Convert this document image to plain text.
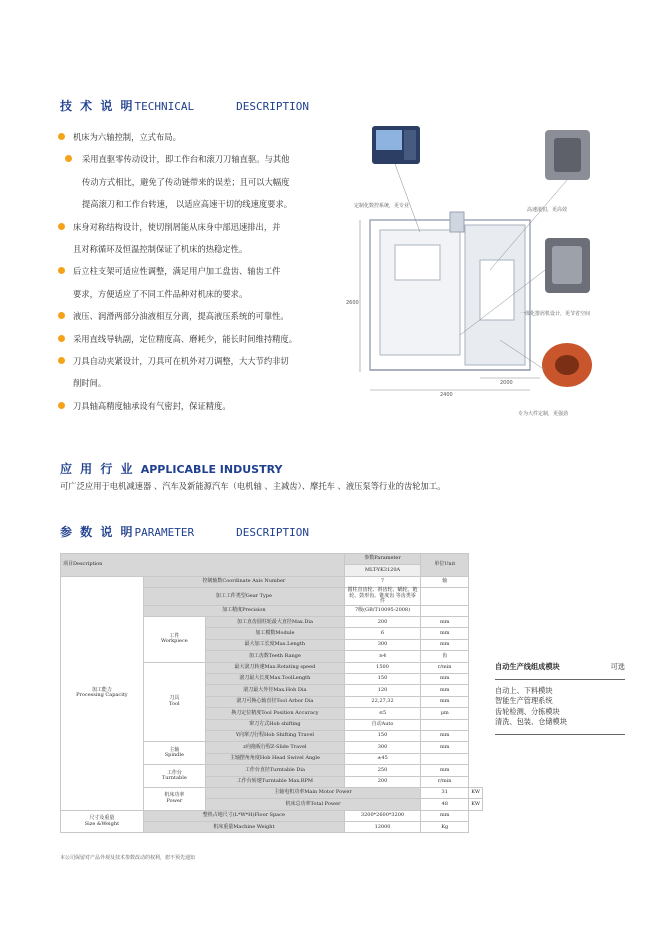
技 术 说 明TECHNICAL	DESCRIPTION
机床为六轴控制，立式布局。
采用直驱零传动设计，即工作台和滚刀刀轴直驱。与其他
传动方式相比，避免了传动链带来的误差；且可以大幅度
提高滚刀和工作台转速， 以适应高速干切的线速度要求。
床身对称结构设计，使切削屑能从床身中部迅速排出，并
且对称循环及恒温控制保证了机床的热稳定性。
后立柱支架可适应性调整，满足用户加工盘齿、轴齿工件
要求，方便适应了不同工件品种对机床的要求。
液压、润滑两部分油液相互分离，提高液压系统的可靠性。
采用直线导轨副，定位精度高、磨耗少，能长时间维持精度。
刀具自动夹紧设计，刀具可在机外对刀调整，大大节约非切
削时间。
刀具轴高精度轴承设有气密封，保证精度。
定制化数控系统，更专业
高速滚切，更高效
一体化排屑机设计，更节省空间
专为大件定制，更强劲
2600
2400
2000
应 用 行 业 APPLICABLE INDUSTRY
可广泛应用于电机减速器 、汽车及新能源汽车（电机轴 、主减齿）、摩托车 、液压泵等行业的齿轮加工。
参 数 说 明PARAMETER	DESCRIPTION
项目Description			参数Parameter	单位Unit	
			MLT-YK3120A		
加工能力
Processing Capacity	控制轴数Coordinate Axis Number		7	轴	
	加工工件类型Gear Type		圆柱直齿轮、斜齿轮、蜗轮、链轮、鼓形齿、锥度齿 等齿类零件		
	加工精度Precision		7级(GB/T10095-2008)		
	工件
Workpiece	加工直齿圆柱轮最大直径Max.Dia	200	mm	
		加工模数Module	6	mm	
		最大加工长度Max.Length	300	mm	
		加工齿数Teeth Range	≥4	齿	
	刀具
Tool	最大滚刀转速Max.Rotating speed	1500	r/min	
		滚刀最大长度Max.ToolLength	150	mm	
		滚刀最大外径Max.Hob Dia	120	mm	
		滚刀可换心轴直径Tool Arbor Dia	22,27,32	mm	
		换刀定位精度Tool Position Accuracy	≤5	μm	
		窜刀方式Hob shifting	自动Auto		
		Y向窜刀行程Hob Shifting Travel	150	mm	
	主轴
Spindle	z向拖板行程Z-Slide Travel	300	mm	
		主轴摆角角度Hob Head Swivel Angle	±45		
	工作台
Turntable	工作台直径Turntable Dia	250	mm	
		工作台转速Turntable Max.RPM	200	r/min	
	机床功率
Power	主轴电机功率Main Motor Power		31	KW
		机床总功率Total Power		48	KW
尺寸及重量
Size &Weight	整机占地尺寸(L*W*H)Floor Space		3200*2600*3200	mm	
	机床重量Machine Weight		12000	Kg	
本公司保留对产品外观及技术参数改动的权利，恕不预先通知
自动生产线组成模块	可选
自动上、下料模块
智能生产管理系统
齿轮检测、分拣模块
清洗、包装、仓储模块
